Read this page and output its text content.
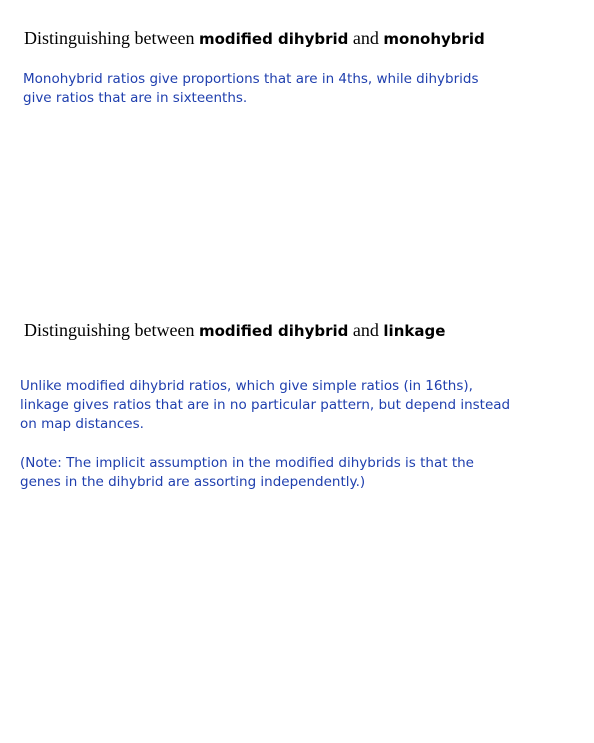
Distinguishing between modified dihybrid and monohybrid

Monohybrid ratios give proportions that are in 4ths, while dihybrids
give ratios that are in sixteenths.

Distinguishing between modified dihybrid and linkage

Unlike modified dihybrid ratios, which give simple ratios (in 16ths),
linkage gives ratios that are in no particular pattern, but depend instead
on map distances.

(Note: The implicit assumption in the modified dihybrids is that the
genes in the dihybrid are assorting independently.)
